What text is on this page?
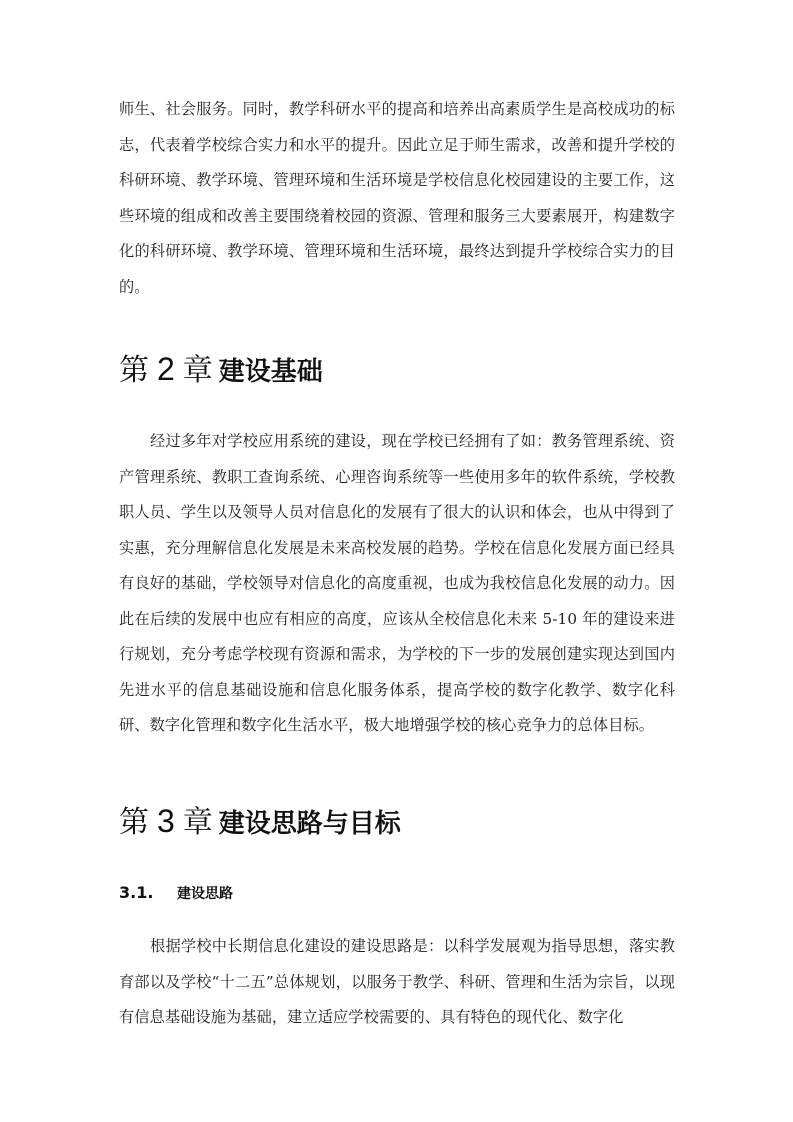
师生、社会服务。同时，教学科研水平的提高和培养出高素质学生是高校成功的标志，代表着学校综合实力和水平的提升。因此立足于师生需求，改善和提升学校的科研环境、教学环境、管理环境和生活环境是学校信息化校园建设的主要工作，这些环境的组成和改善主要围绕着校园的资源、管理和服务三大要素展开，构建数字化的科研环境、教学环境、管理环境和生活环境，最终达到提升学校综合实力的目的。

第 2 章 建设基础

经过多年对学校应用系统的建设，现在学校已经拥有了如：教务管理系统、资产管理系统、教职工查询系统、心理咨询系统等一些使用多年的软件系统，学校教职人员、学生以及领导人员对信息化的发展有了很大的认识和体会，也从中得到了实惠，充分理解信息化发展是未来高校发展的趋势。学校在信息化发展方面已经具有良好的基础，学校领导对信息化的高度重视，也成为我校信息化发展的动力。因此在后续的发展中也应有相应的高度，应该从全校信息化未来 5-10 年的建设来进行规划，充分考虑学校现有资源和需求，为学校的下一步的发展创建实现达到国内先进水平的信息基础设施和信息化服务体系，提高学校的数字化教学、数字化科研、数字化管理和数字化生活水平，极大地增强学校的核心竞争力的总体目标。

第 3 章 建设思路与目标
3.1. 建设思路

根据学校中长期信息化建设的建设思路是：以科学发展观为指导思想，落实教育部以及学校“十二五”总体规划，以服务于教学、科研、管理和生活为宗旨，以现有信息基础设施为基础，建立适应学校需要的、具有特色的现代化、数字化
